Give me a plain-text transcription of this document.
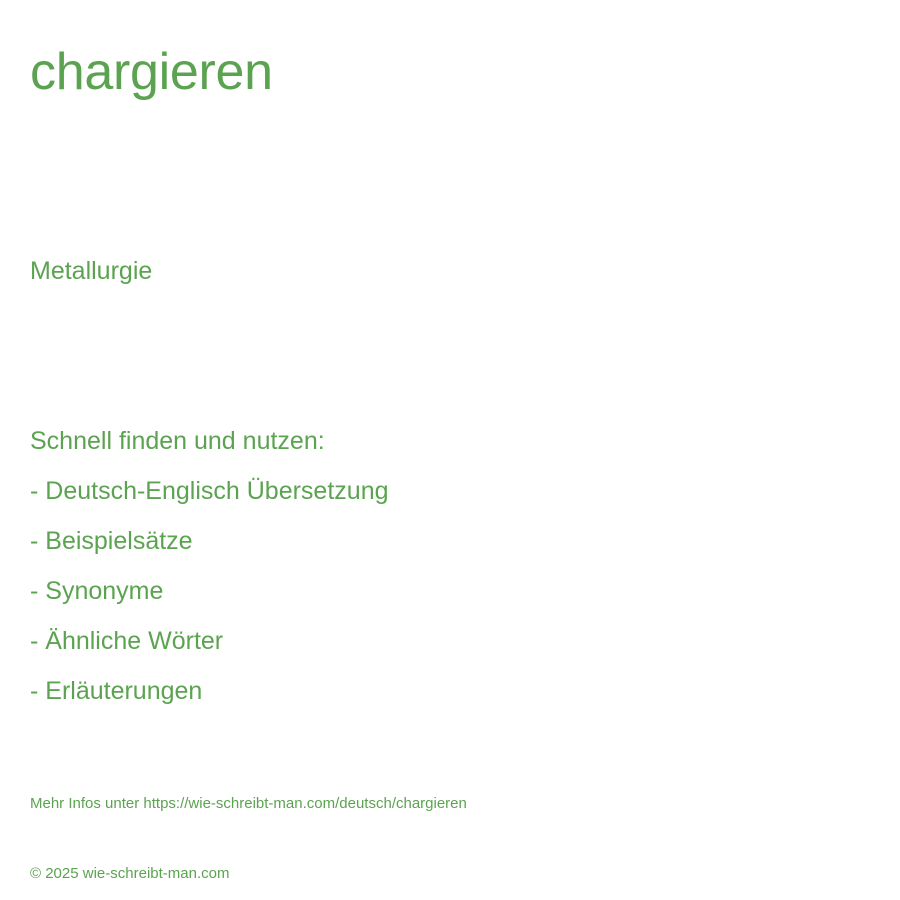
chargieren
Metallurgie
Schnell finden und nutzen:
- Deutsch-Englisch Übersetzung
- Beispielsätze
- Synonyme
- Ähnliche Wörter
- Erläuterungen
Mehr Infos unter https://wie-schreibt-man.com/deutsch/chargieren
© 2025 wie-schreibt-man.com
